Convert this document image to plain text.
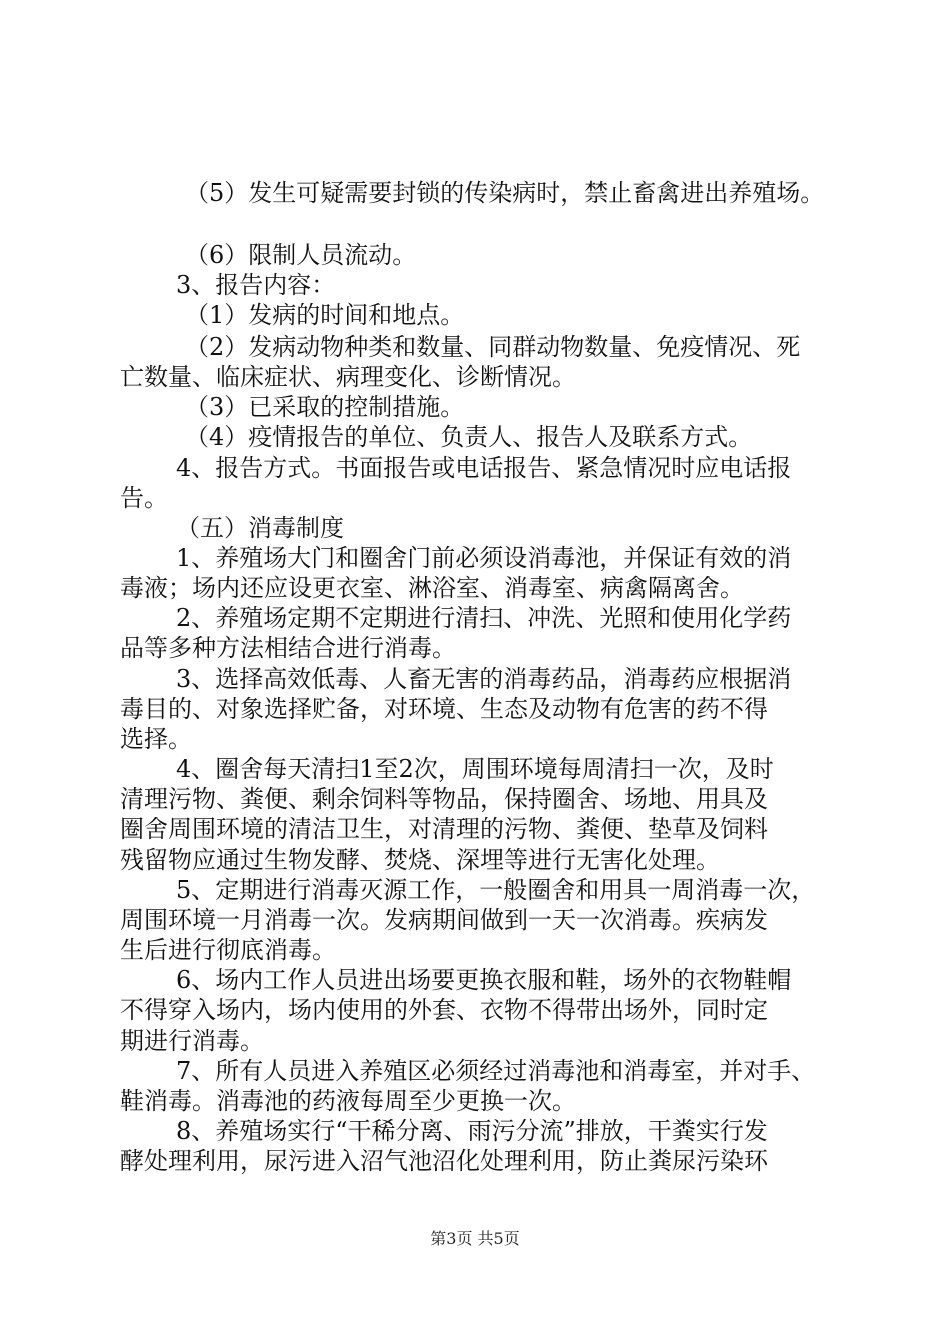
（5）发生可疑需要封锁的传染病时，禁止畜禽进出养殖场。
（6）限制人员流动。
3、报告内容：
（1）发病的时间和地点。
（2）发病动物种类和数量、同群动物数量、免疫情况、死
亡数量、临床症状、病理变化、诊断情况。
（3）已采取的控制措施。
（4）疫情报告的单位、负责人、报告人及联系方式。
4、报告方式。书面报告或电话报告、紧急情况时应电话报
告。
（五）消毒制度
1、养殖场大门和圈舍门前必须设消毒池，并保证有效的消
毒液；场内还应设更衣室、淋浴室、消毒室、病禽隔离舍。
2、养殖场定期不定期进行清扫、冲洗、光照和使用化学药
品等多种方法相结合进行消毒。
3、选择高效低毒、人畜无害的消毒药品，消毒药应根据消
毒目的、对象选择贮备，对环境、生态及动物有危害的药不得
选择。
4、圈舍每天清扫1至2次，周围环境每周清扫一次，及时
清理污物、粪便、剩余饲料等物品，保持圈舍、场地、用具及
圈舍周围环境的清洁卫生，对清理的污物、粪便、垫草及饲料
残留物应通过生物发酵、焚烧、深埋等进行无害化处理。
5、定期进行消毒灭源工作，一般圈舍和用具一周消毒一次，
周围环境一月消毒一次。发病期间做到一天一次消毒。疾病发
生后进行彻底消毒。
6、场内工作人员进出场要更换衣服和鞋，场外的衣物鞋帽
不得穿入场内，场内使用的外套、衣物不得带出场外，同时定
期进行消毒。
7、所有人员进入养殖区必须经过消毒池和消毒室，并对手、
鞋消毒。消毒池的药液每周至少更换一次。
8、养殖场实行“干稀分离、雨污分流”排放，干粪实行发
酵处理利用，尿污进入沼气池沼化处理利用，防止粪尿污染环
第3页 共5页
